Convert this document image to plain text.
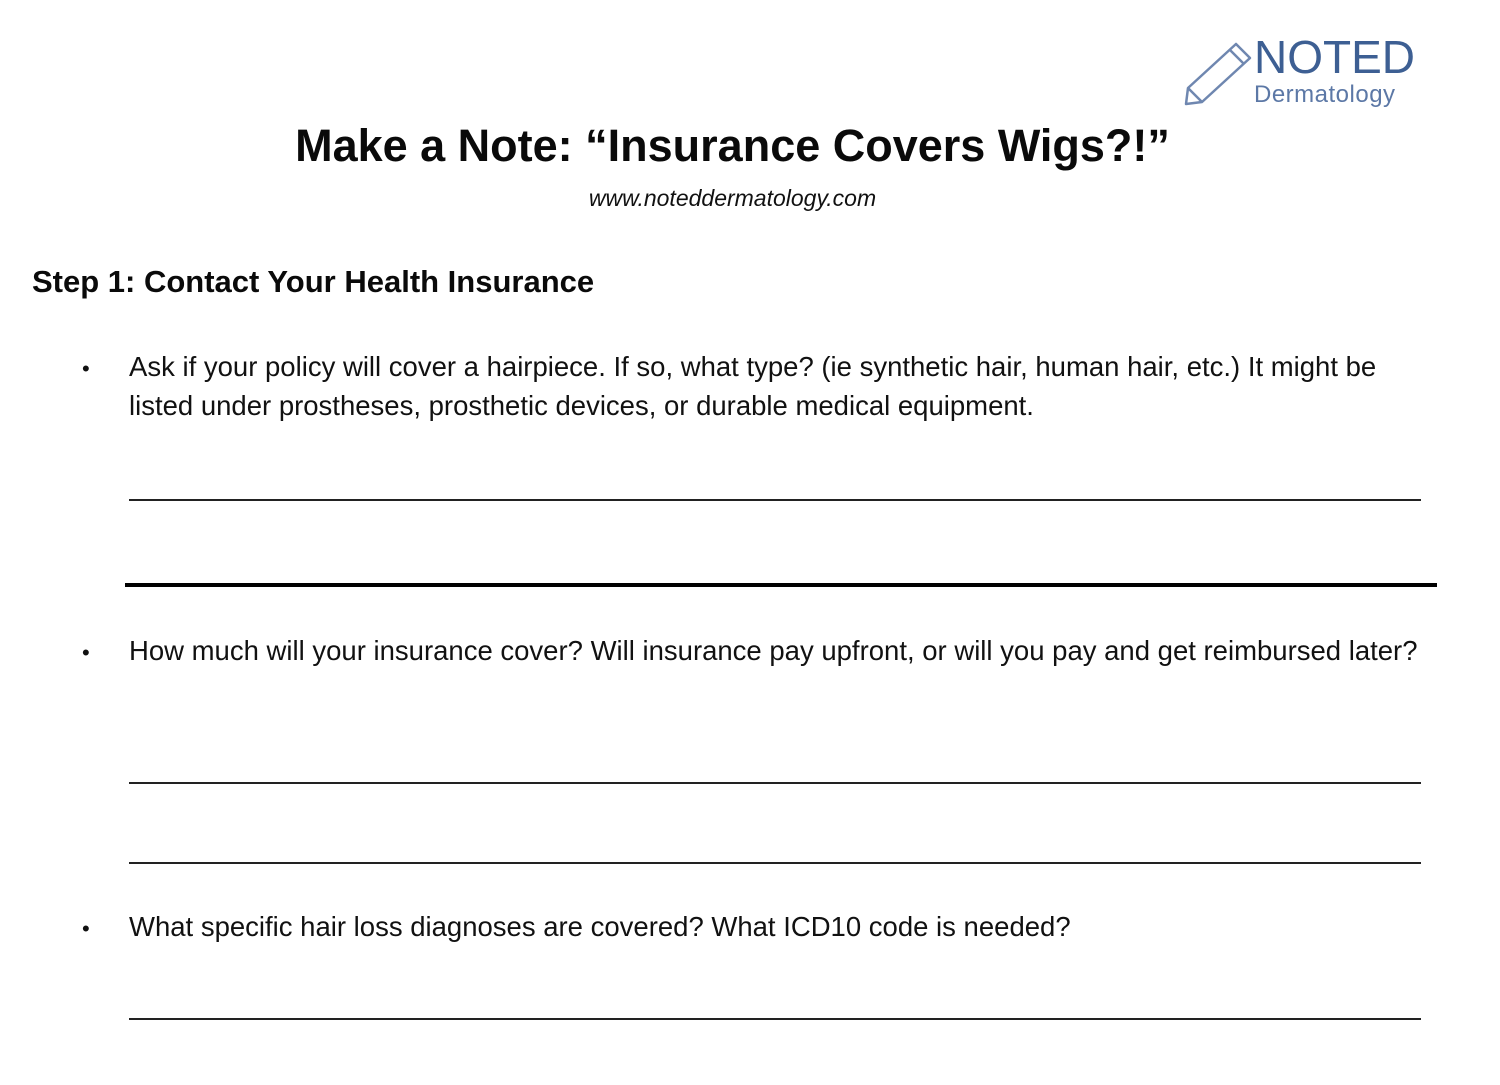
NOTED
Dermatology
Make a Note: “Insurance Covers Wigs?!”
www.noteddermatology.com
Step 1: Contact Your Health Insurance
• Ask if your policy will cover a hairpiece. If so, what type? (ie synthetic hair, human hair, etc.) It might be listed under prostheses, prosthetic devices, or durable medical equipment.
• How much will your insurance cover? Will insurance pay upfront, or will you pay and get reimbursed later?
• What specific hair loss diagnoses are covered? What ICD10 code is needed?
